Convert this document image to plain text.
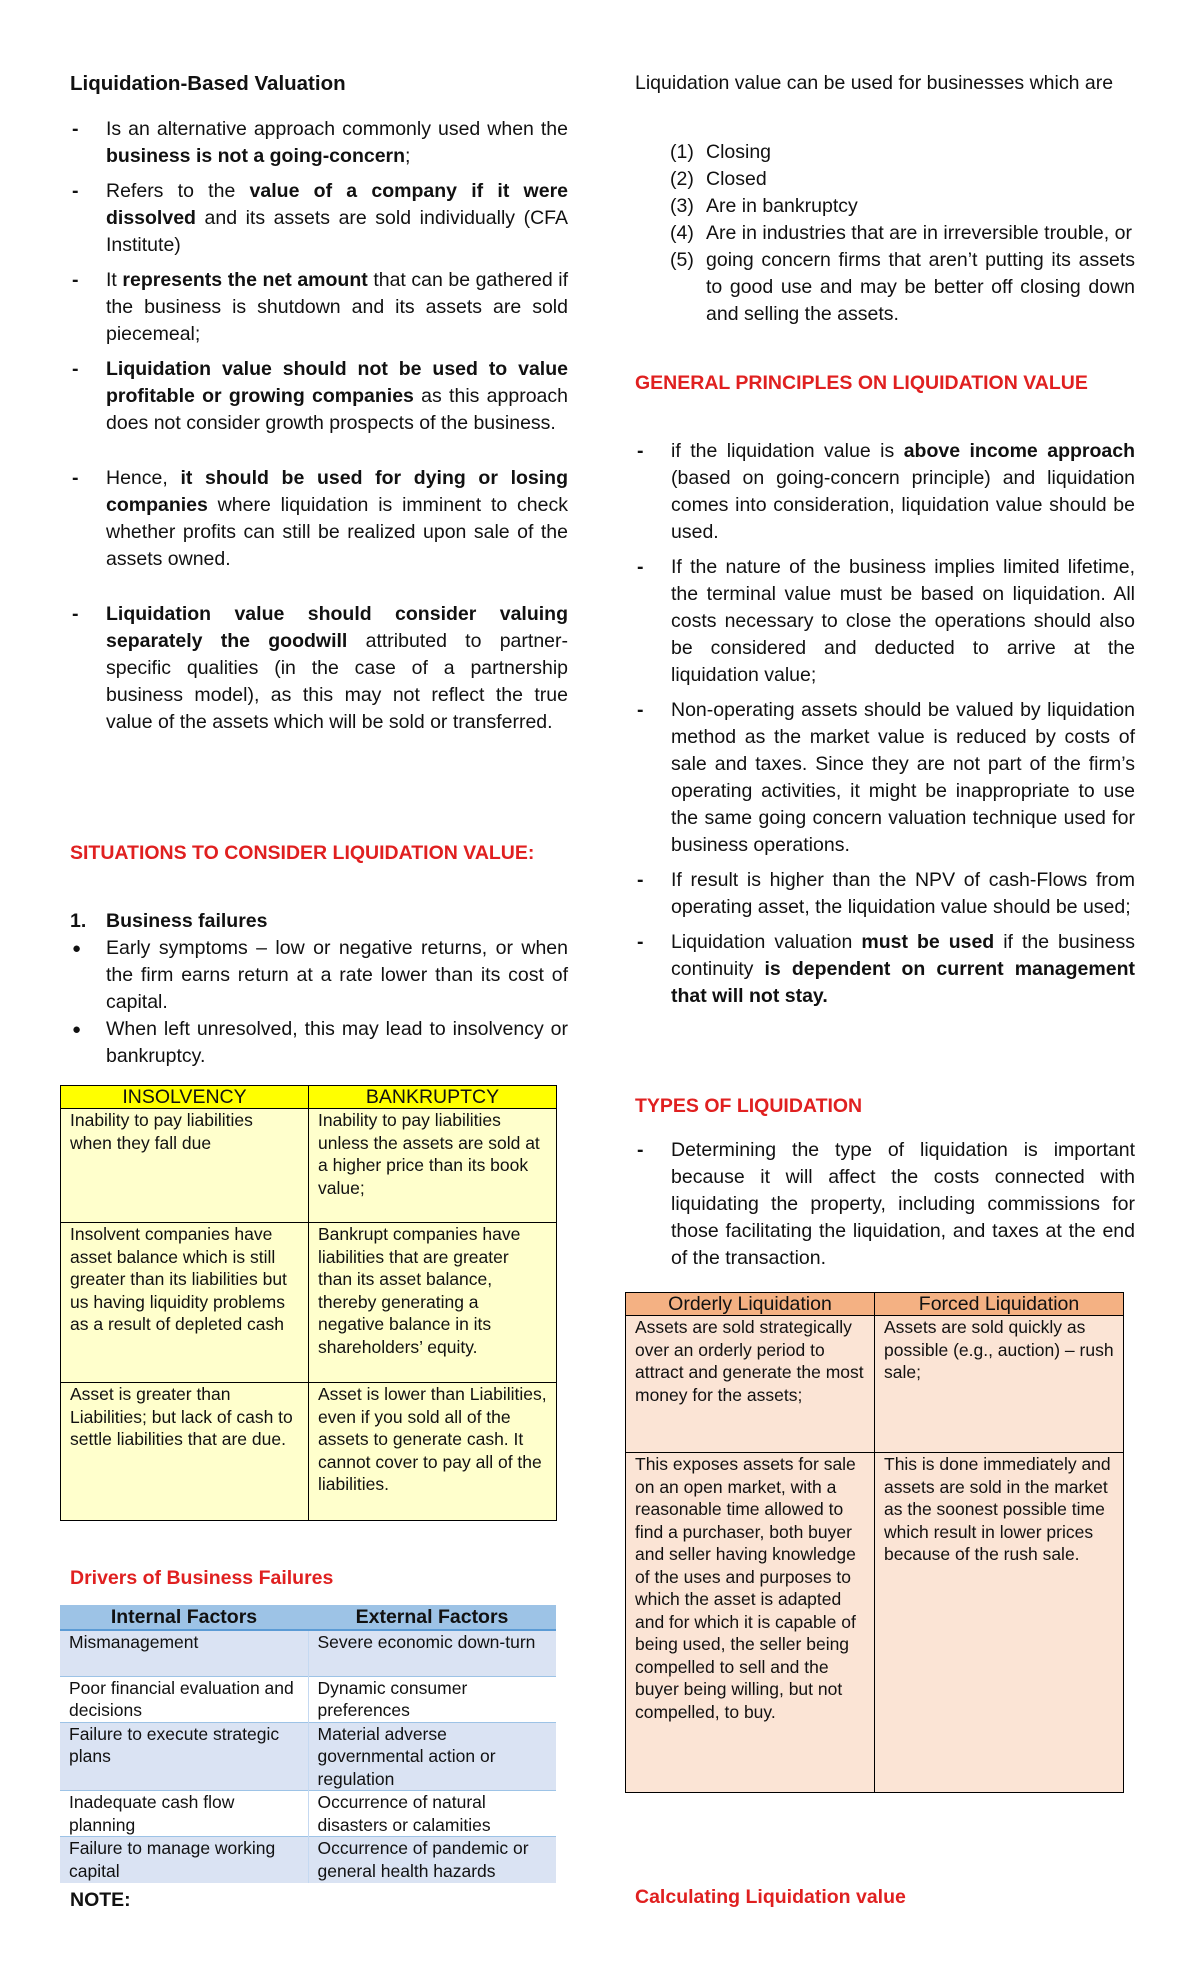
Liquidation-Based Valuation
- Is an alternative approach commonly used when the business is not a going-concern;
- Refers to the value of a company if it were dissolved and its assets are sold individually (CFA Institute)
- It represents the net amount that can be gathered if the business is shutdown and its assets are sold piecemeal;
- Liquidation value should not be used to value profitable or growing companies as this approach does not consider growth prospects of the business.
- Hence, it should be used for dying or losing companies where liquidation is imminent to check whether profits can still be realized upon sale of the assets owned.
- Liquidation value should consider valuing separately the goodwill attributed to partner-specific qualities (in the case of a partnership business model), as this may not reflect the true value of the assets which will be sold or transferred.
SITUATIONS TO CONSIDER LIQUIDATION VALUE:
1. Business failures
● Early symptoms – low or negative returns, or when the firm earns return at a rate lower than its cost of capital.
● When left unresolved, this may lead to insolvency or bankruptcy.
INSOLVENCY	BANKRUPTCY
Inability to pay liabilities when they fall due	Inability to pay liabilities unless the assets are sold at a higher price than its book value;
Insolvent companies have asset balance which is still greater than its liabilities but us having liquidity problems as a result of depleted cash	Bankrupt companies have liabilities that are greater than its asset balance, thereby generating a negative balance in its shareholders’ equity.
Asset is greater than Liabilities; but lack of cash to settle liabilities that are due.	Asset is lower than Liabilities, even if you sold all of the assets to generate cash. It cannot cover to pay all of the liabilities.
Drivers of Business Failures
Internal Factors	External Factors
Mismanagement	Severe economic down-turn
Poor financial evaluation and decisions	Dynamic consumer preferences
Failure to execute strategic plans	Material adverse governmental action or regulation
Inadequate cash flow planning	Occurrence of natural disasters or calamities
Failure to manage working capital	Occurrence of pandemic or general health hazards
NOTE:

Liquidation value can be used for businesses which are

(1) Closing
(2) Closed
(3) Are in bankruptcy
(4) Are in industries that are in irreversible trouble, or
(5) going concern firms that aren’t putting its assets to good use and may be better off closing down and selling the assets.
GENERAL PRINCIPLES ON LIQUIDATION VALUE
- if the liquidation value is above income approach (based on going-concern principle) and liquidation comes into consideration, liquidation value should be used.
- If the nature of the business implies limited lifetime, the terminal value must be based on liquidation. All costs necessary to close the operations should also be considered and deducted to arrive at the liquidation value;
- Non-operating assets should be valued by liquidation method as the market value is reduced by costs of sale and taxes. Since they are not part of the firm’s operating activities, it might be inappropriate to use the same going concern valuation technique used for business operations.
- If result is higher than the NPV of cash-Flows from operating asset, the liquidation value should be used;
- Liquidation valuation must be used if the business continuity is dependent on current management that will not stay.
TYPES OF LIQUIDATION
- Determining the type of liquidation is important because it will affect the costs connected with liquidating the property, including commissions for those facilitating the liquidation, and taxes at the end of the transaction.
Orderly Liquidation	Forced Liquidation
Assets are sold strategically over an orderly period to attract and generate the most money for the assets;	Assets are sold quickly as possible (e.g., auction) – rush sale;
This exposes assets for sale on an open market, with a reasonable time allowed to find a purchaser, both buyer and seller having knowledge of the uses and purposes to which the asset is adapted and for which it is capable of being used, the seller being compelled to sell and the buyer being willing, but not compelled, to buy.	This is done immediately and assets are sold in the market as the soonest possible time which result in lower prices because of the rush sale.
Calculating Liquidation value
